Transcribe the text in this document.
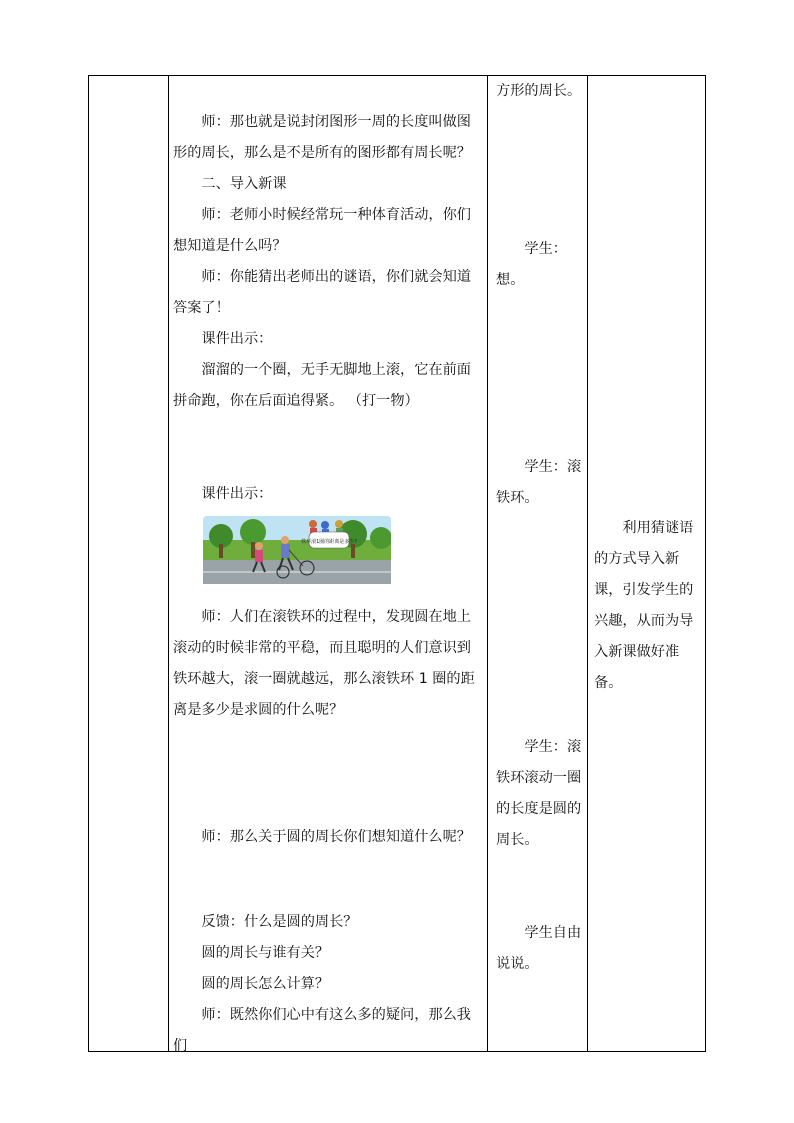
师：那也就是说封闭图形一周的长度叫做图形的周长，那么是不是所有的图形都有周长呢？

二、导入新课

师：老师小时候经常玩一种体育活动，你们想知道是什么吗？

师：你能猜出老师出的谜语，你们就会知道答案了！

课件出示：

溜溜的一个圈，无手无脚地上滚，它在前面拼命跑，你在后面追得紧。 （打一物）

课件出示：

铁环滚1圈的距离是多少?

师：人们在滚铁环的过程中，发现圆在地上滚动的时候非常的平稳，而且聪明的人们意识到铁环越大，滚一圈就越远，那么滚铁环 1 圈的距离是多少是求圆的什么呢？

师：那么关于圆的周长你们想知道什么呢？

反馈：什么是圆的周长？

圆的周长与谁有关？

圆的周长怎么计算？

师：既然你们心中有这么多的疑问，那么我们

方形的周长。

学生：想。

学生：滚铁环。

学生：滚铁环滚动一圈的长度是圆的周长。

学生自由说说。

利用猜谜语的方式导入新课，引发学生的兴趣，从而为导入新课做好准备。
